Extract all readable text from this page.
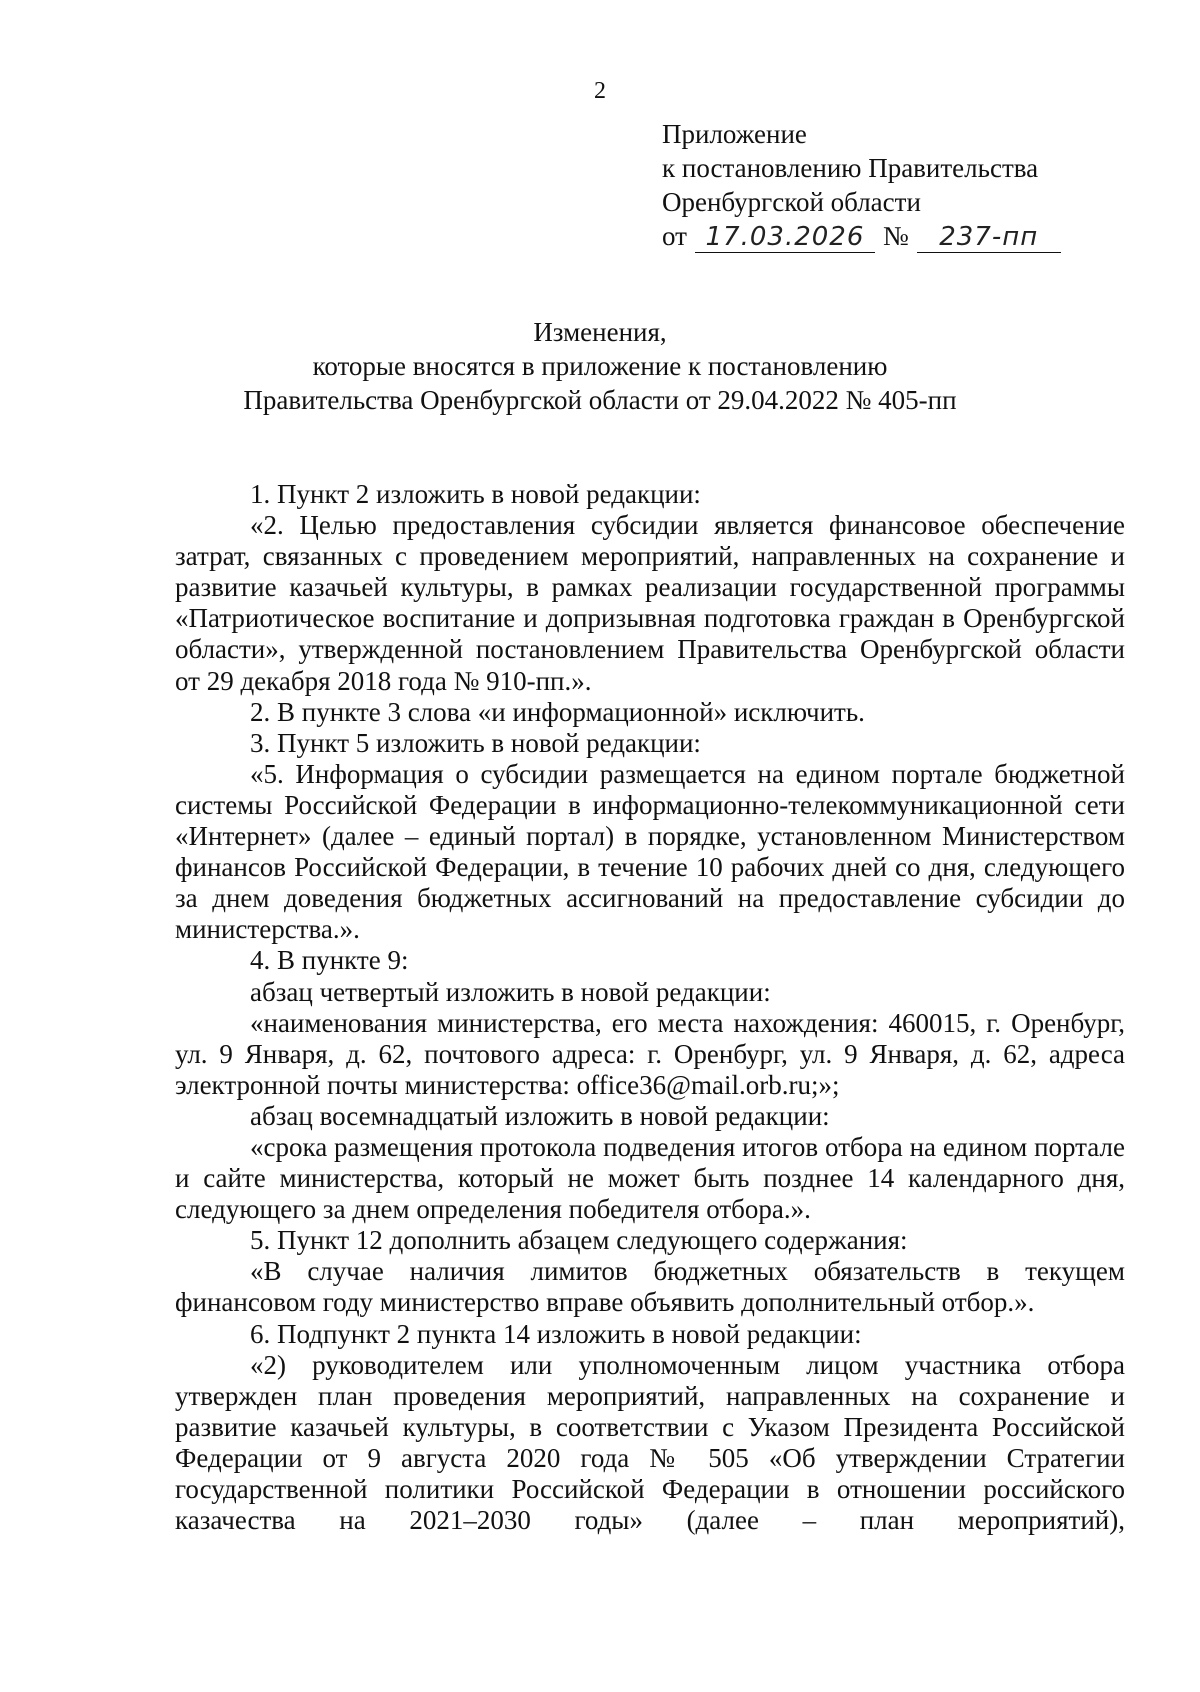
2
Приложение
к постановлению Правительства
Оренбургской области
от 17.03.2026 №	237-пп
Изменения,
которые вносятся в приложение к постановлению
Правительства Оренбургской области от 29.04.2022 № 405-пп

1. Пункт 2 изложить в новой редакции:

«2. Целью предоставления субсидии является финансовое обеспечение затрат, связанных с проведением мероприятий, направленных на сохранение и развитие казачьей культуры, в рамках реализации государственной программы «Патриотическое воспитание и допризывная подготовка граждан в Оренбургской области», утвержденной постановлением Правительства Оренбургской области от 29 декабря 2018 года № 910-пп.».

2. В пункте 3 слова «и информационной» исключить.

3. Пункт 5 изложить в новой редакции:

«5. Информация о субсидии размещается на едином портале бюджетной системы Российской Федерации в информационно-телекоммуникационной сети «Интернет» (далее – единый портал) в порядке, установленном Министерством финансов Российской Федерации, в течение 10 рабочих дней со дня, следующего за днем доведения бюджетных ассигнований на предоставление субсидии до министерства.».

4. В пункте 9:

абзац четвертый изложить в новой редакции:

«наименования министерства, его места нахождения: 460015, г. Оренбург, ул. 9 Января, д. 62, почтового адреса: г. Оренбург, ул. 9 Января, д. 62, адреса электронной почты министерства: office36@mail.orb.ru;»;

абзац восемнадцатый изложить в новой редакции:

«срока размещения протокола подведения итогов отбора на едином портале и сайте министерства, который не может быть позднее 14 календарного дня, следующего за днем определения победителя отбора.».

5. Пункт 12 дополнить абзацем следующего содержания:

«В случае наличия лимитов бюджетных обязательств в текущем финансовом году министерство вправе объявить дополнительный отбор.».

6. Подпункт 2 пункта 14 изложить в новой редакции:

«2) руководителем или уполномоченным лицом участника отбора утвержден план проведения мероприятий, направленных на сохранение и развитие казачьей культуры, в соответствии с Указом Президента Российской Федерации от 9 августа 2020 года № 505 «Об утверждении Стратегии государственной политики Российской Федерации в отношении российского казачества на 2021–2030 годы» (далее – план мероприятий),
